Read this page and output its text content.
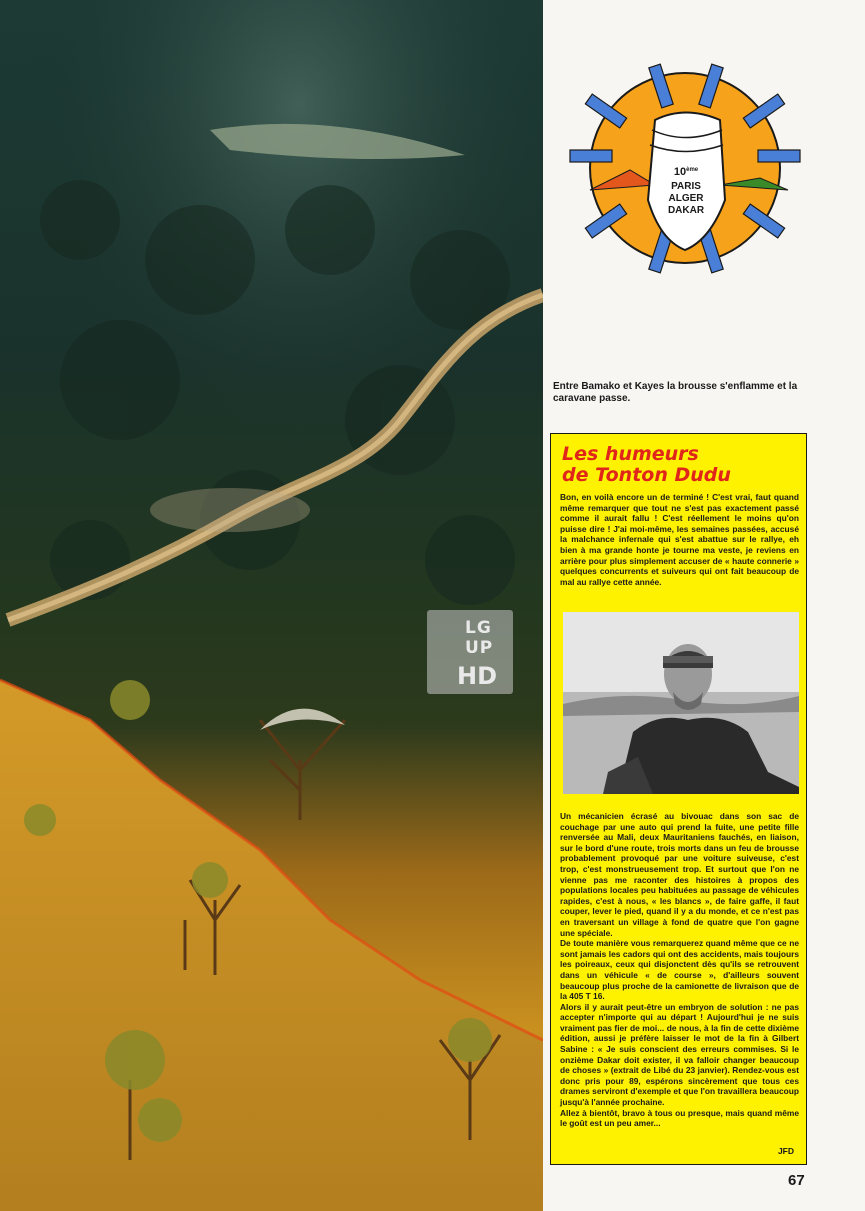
LG UP
HD
10ème
PARIS
ALGER
DAKAR
Entre Bamako et Kayes la brousse s'enflamme et la caravane passe.
Les humeurs
de Tonton Dudu

Bon, en voilà encore un de terminé ! C'est vrai, faut quand même remarquer que tout ne s'est pas exactement passé comme il aurait fallu ! C'est réellement le moins qu'on puisse dire ! J'ai moi-même, les semaines passées, accusé la malchance infernale qui s'est abattue sur le rallye, eh bien à ma grande honte je tourne ma veste, je reviens en arrière pour plus simplement accuser de « haute connerie » quelques concurrents et suiveurs qui ont fait beaucoup de mal au rallye cette année.

Un mécanicien écrasé au bivouac dans son sac de couchage par une auto qui prend la fuite, une petite fille renversée au Mali, deux Mauritaniens fauchés, en liaison, sur le bord d'une route, trois morts dans un feu de brousse probablement provoqué par une voiture suiveuse, c'est trop, c'est monstrueusement trop. Et surtout que l'on ne vienne pas me raconter des histoires à propos des populations locales peu habituées au passage de véhicules rapides, c'est à nous, « les blancs », de faire gaffe, il faut couper, lever le pied, quand il y a du monde, et ce n'est pas en traversant un village à fond de quatre que l'on gagne une spéciale.

De toute manière vous remarquerez quand même que ce ne sont jamais les cadors qui ont des accidents, mais toujours les poireaux, ceux qui disjonctent dès qu'ils se retrouvent dans un véhicule « de course », d'ailleurs souvent beaucoup plus proche de la camionette de livraison que de la 405 T 16.

Alors il y aurait peut-être un embryon de solution : ne pas accepter n'importe qui au départ ! Aujourd'hui je ne suis vraiment pas fier de moi... de nous, à la fin de cette dixième édition, aussi je préfère laisser le mot de la fin à Gilbert Sabine : « Je suis conscient des erreurs commises. Si le onzième Dakar doit exister, il va falloir changer beaucoup de choses » (extrait de Libé du 23 janvier). Rendez-vous est donc pris pour 89, espérons sincèrement que tous ces drames serviront d'exemple et que l'on travaillera beaucoup jusqu'à l'année prochaine.

Allez à bientôt, bravo à tous ou presque, mais quand même le goût est un peu amer...

JFD
67
